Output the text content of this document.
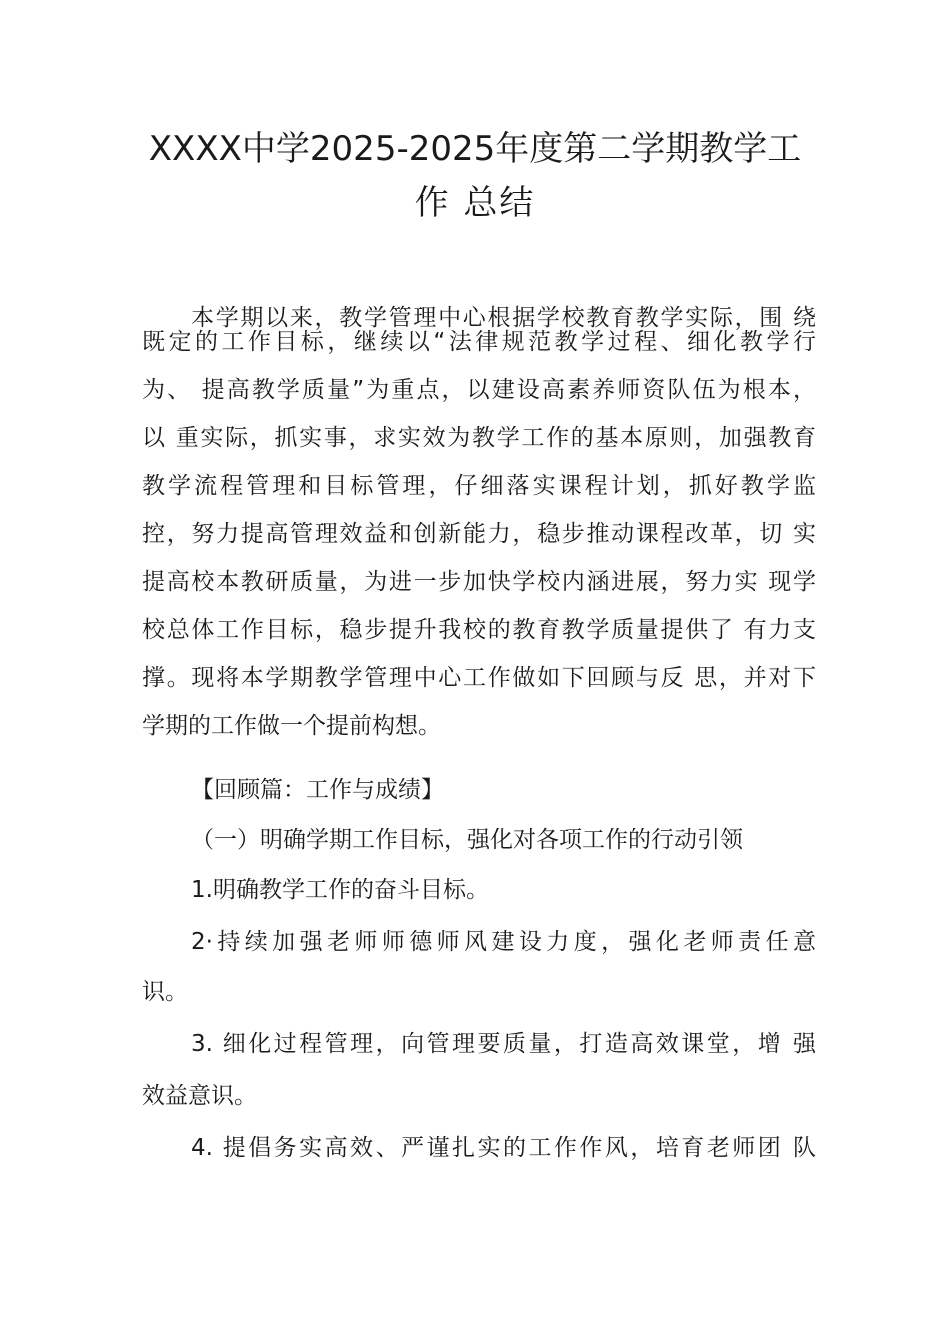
XXXX中学2025-2025年度第二学期教学工
作 总结
本学期以来，教学管理中心根据学校教育教学实际，围 绕
既定的工作目标，继续以“法律规范教学过程、细化教学行
为、 提高教学质量”为重点，以建设高素养师资队伍为根本，
以 重实际，抓实事，求实效为教学工作的基本原则，加强教育
教学流程管理和目标管理，仔细落实课程计划，抓好教学监
控，努力提高管理效益和创新能力，稳步推动课程改革，切 实
提高校本教研质量，为进一步加快学校内涵进展，努力实 现学
校总体工作目标，稳步提升我校的教育教学质量提供了 有力支
撑。现将本学期教学管理中心工作做如下回顾与反 思，并对下
学期的工作做一个提前构想。
【回顾篇：工作与成绩】
（一）明确学期工作目标，强化对各项工作的行动引领
1.明确教学工作的奋斗目标。
2·持续加强老师师德师风建设力度，强化老师责任意
识。
3. 细化过程管理，向管理要质量，打造高效课堂，增 强
效益意识。
4. 提倡务实高效、严谨扎实的工作作风，培育老师团 队
